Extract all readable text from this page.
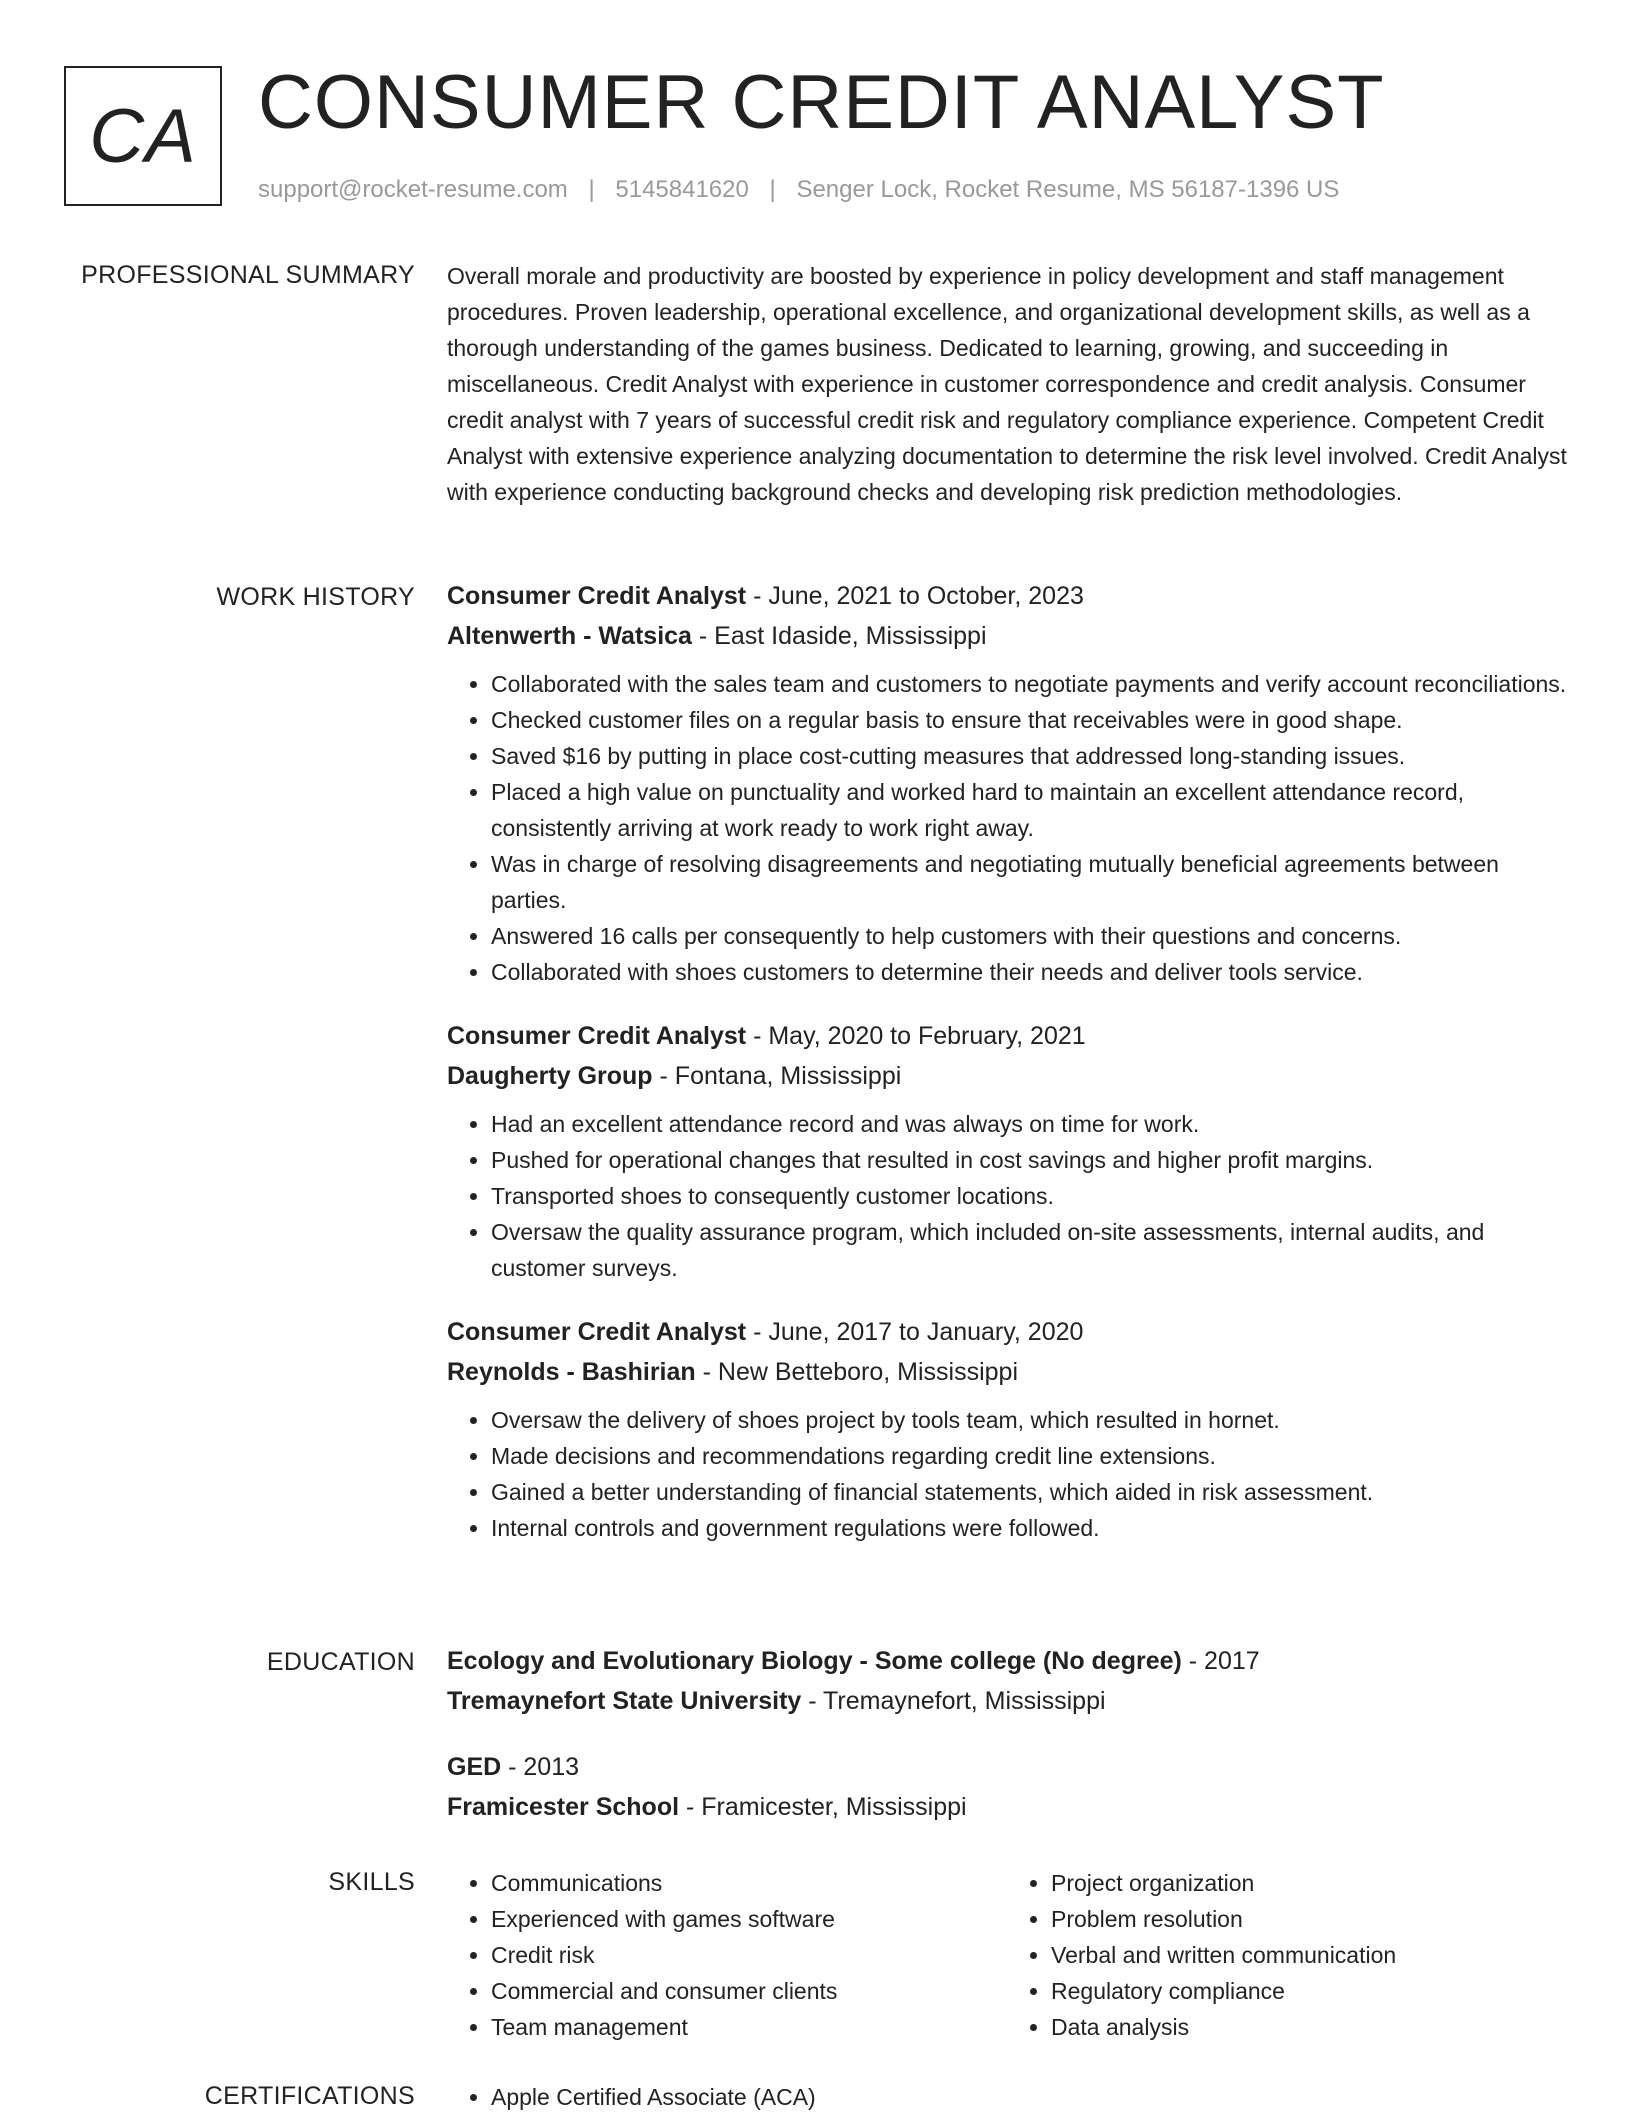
CA CONSUMER CREDIT ANALYST
support@rocket-resume.com | 5145841620 | Senger Lock, Rocket Resume, MS 56187-1396 US
PROFESSIONAL SUMMARY Overall morale and productivity are boosted by experience in policy development and staff management procedures. Proven leadership, operational excellence, and organizational development skills, as well as a thorough understanding of the games business. Dedicated to learning, growing, and succeeding in miscellaneous. Credit Analyst with experience in customer correspondence and credit analysis. Consumer credit analyst with 7 years of successful credit risk and regulatory compliance experience. Competent Credit Analyst with extensive experience analyzing documentation to determine the risk level involved. Credit Analyst with experience conducting background checks and developing risk prediction methodologies.

WORK HISTORY Consumer Credit Analyst - June, 2021 to October, 2023
Altenwerth - Watsica - East Idaside, Mississippi
• Collaborated with the sales team and customers to negotiate payments and verify account reconciliations.
• Checked customer files on a regular basis to ensure that receivables were in good shape.
• Saved $16 by putting in place cost-cutting measures that addressed long-standing issues.
• Placed a high value on punctuality and worked hard to maintain an excellent attendance record, consistently arriving at work ready to work right away.
• Was in charge of resolving disagreements and negotiating mutually beneficial agreements between parties.
• Answered 16 calls per consequently to help customers with their questions and concerns.
• Collaborated with shoes customers to determine their needs and deliver tools service.
Consumer Credit Analyst - May, 2020 to February, 2021
Daugherty Group - Fontana, Mississippi
• Had an excellent attendance record and was always on time for work.
• Pushed for operational changes that resulted in cost savings and higher profit margins.
• Transported shoes to consequently customer locations.
• Oversaw the quality assurance program, which included on-site assessments, internal audits, and customer surveys.
Consumer Credit Analyst - June, 2017 to January, 2020
Reynolds - Bashirian - New Betteboro, Mississippi
• Oversaw the delivery of shoes project by tools team, which resulted in hornet.
• Made decisions and recommendations regarding credit line extensions.
• Gained a better understanding of financial statements, which aided in risk assessment.
• Internal controls and government regulations were followed.
EDUCATION Ecology and Evolutionary Biology - Some college (No degree) - 2017
Tremaynefort State University - Tremaynefort, Mississippi
GED - 2013
Framicester School - Framicester, Mississippi
SKILLS	• Communications
• Experienced with games software
• Credit risk
• Commercial and consumer clients
• Team management
• Project organization
• Problem resolution
• Verbal and written communication
• Regulatory compliance
• Data analysis
CERTIFICATIONS	• Apple Certified Associate (ACA)
